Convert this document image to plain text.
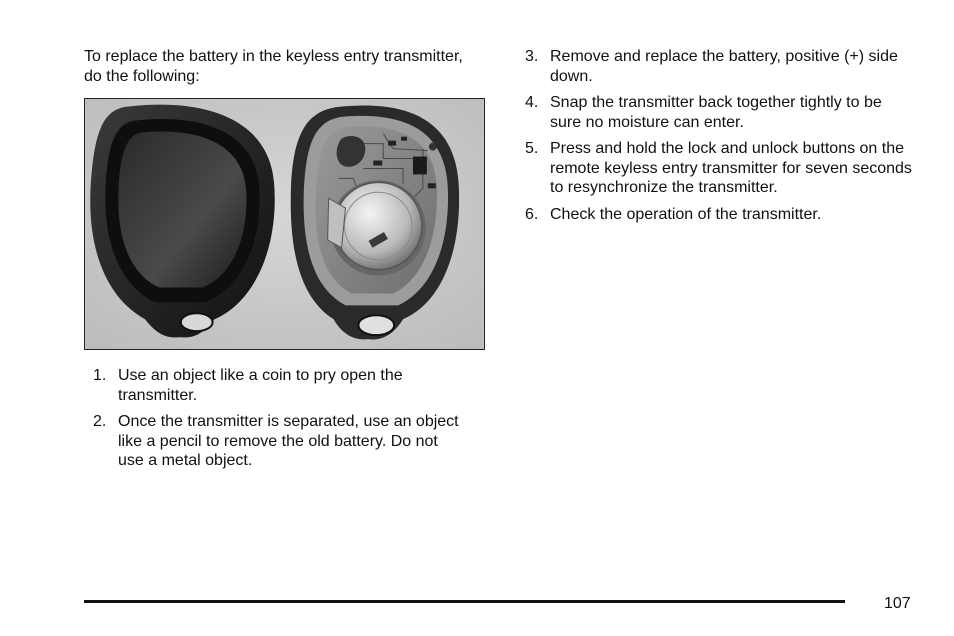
To replace the battery in the keyless entry transmitter, do the following:

1. Use an object like a coin to pry open the transmitter.
2. Once the transmitter is separated, use an object like a pencil to remove the old battery. Do not use a metal object.
3. Remove and replace the battery, positive (+) side down.
4. Snap the transmitter back together tightly to be sure no moisture can enter.
5. Press and hold the lock and unlock buttons on the remote keyless entry transmitter for seven seconds to resynchronize the transmitter.
6. Check the operation of the transmitter.
107
